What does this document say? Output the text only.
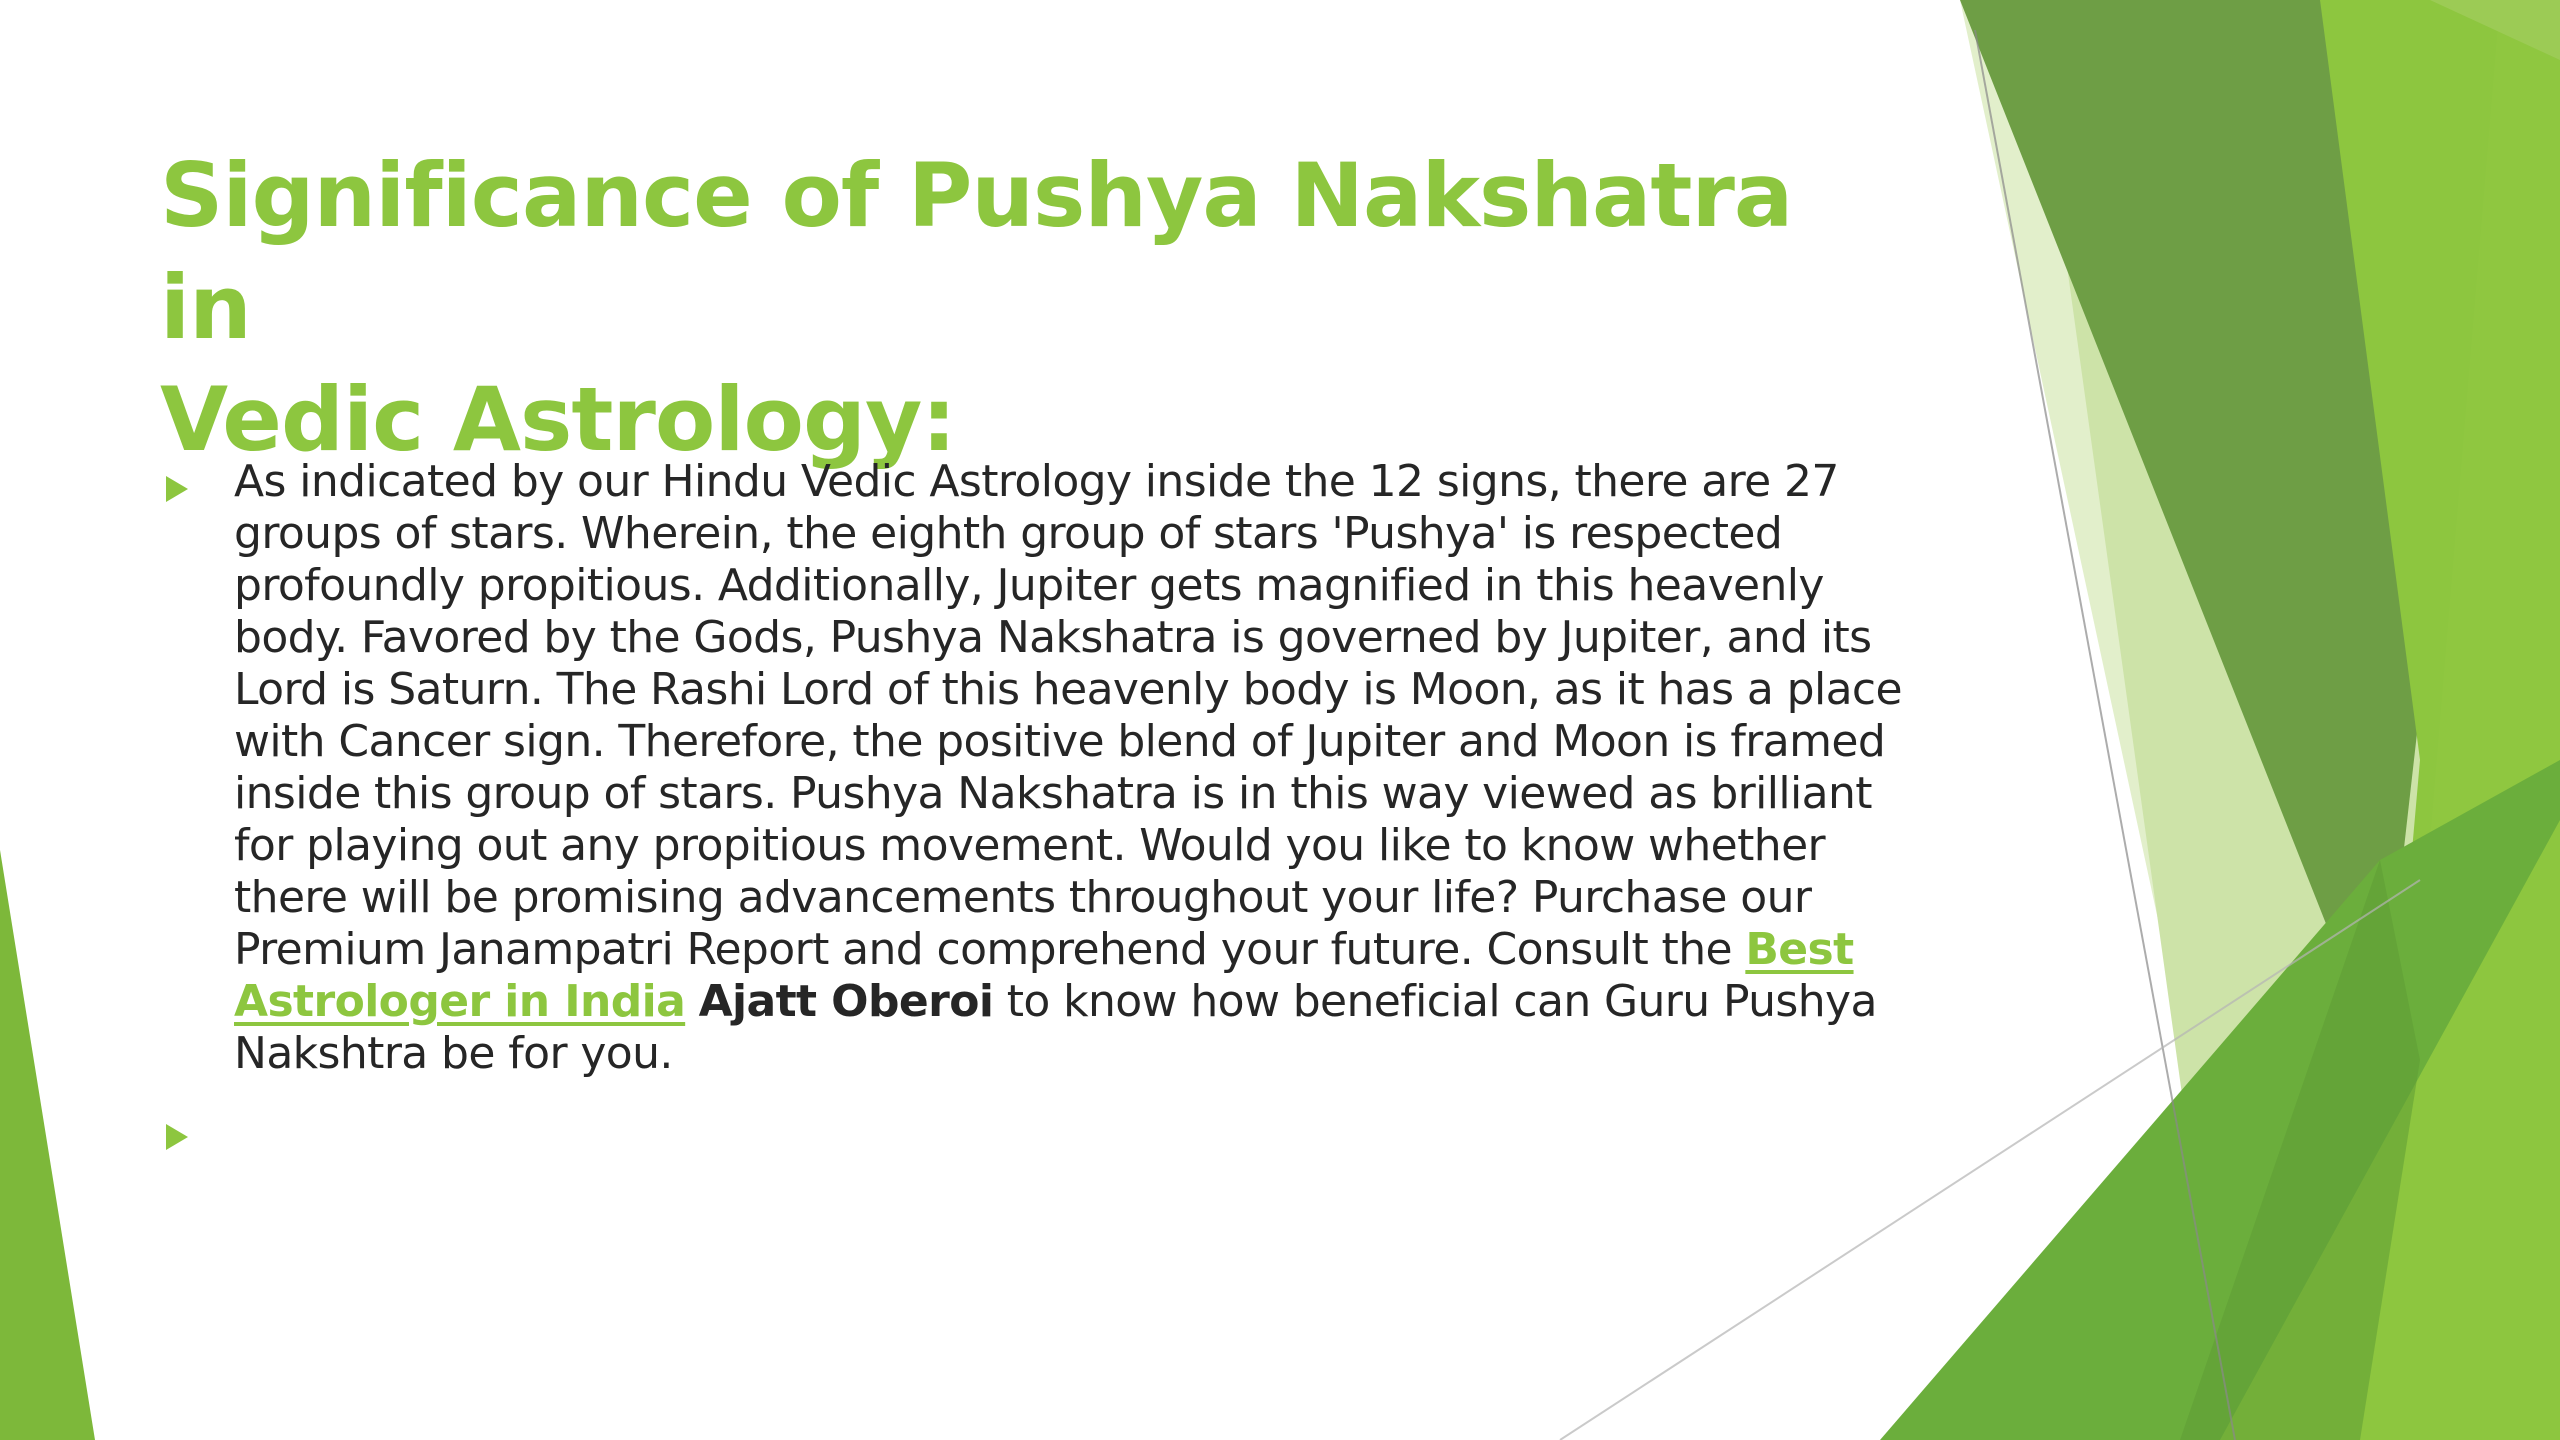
Significance of Pushya Nakshatra in
Vedic Astrology:

As indicated by our Hindu Vedic Astrology inside the 12 signs, there are 27 groups of stars. Wherein, the eighth group of stars 'Pushya' is respected profoundly propitious. Additionally, Jupiter gets magnified in this heavenly body. Favored by the Gods, Pushya Nakshatra is governed by Jupiter, and its Lord is Saturn. The Rashi Lord of this heavenly body is Moon, as it has a place with Cancer sign. Therefore, the positive blend of Jupiter and Moon is framed inside this group of stars. Pushya Nakshatra is in this way viewed as brilliant for playing out any propitious movement. Would you like to know whether there will be promising advancements throughout your life? Purchase our Premium Janampatri Report and comprehend your future. Consult the Best Astrologer in India Ajatt Oberoi to know how beneficial can Guru Pushya Nakshtra be for you.
